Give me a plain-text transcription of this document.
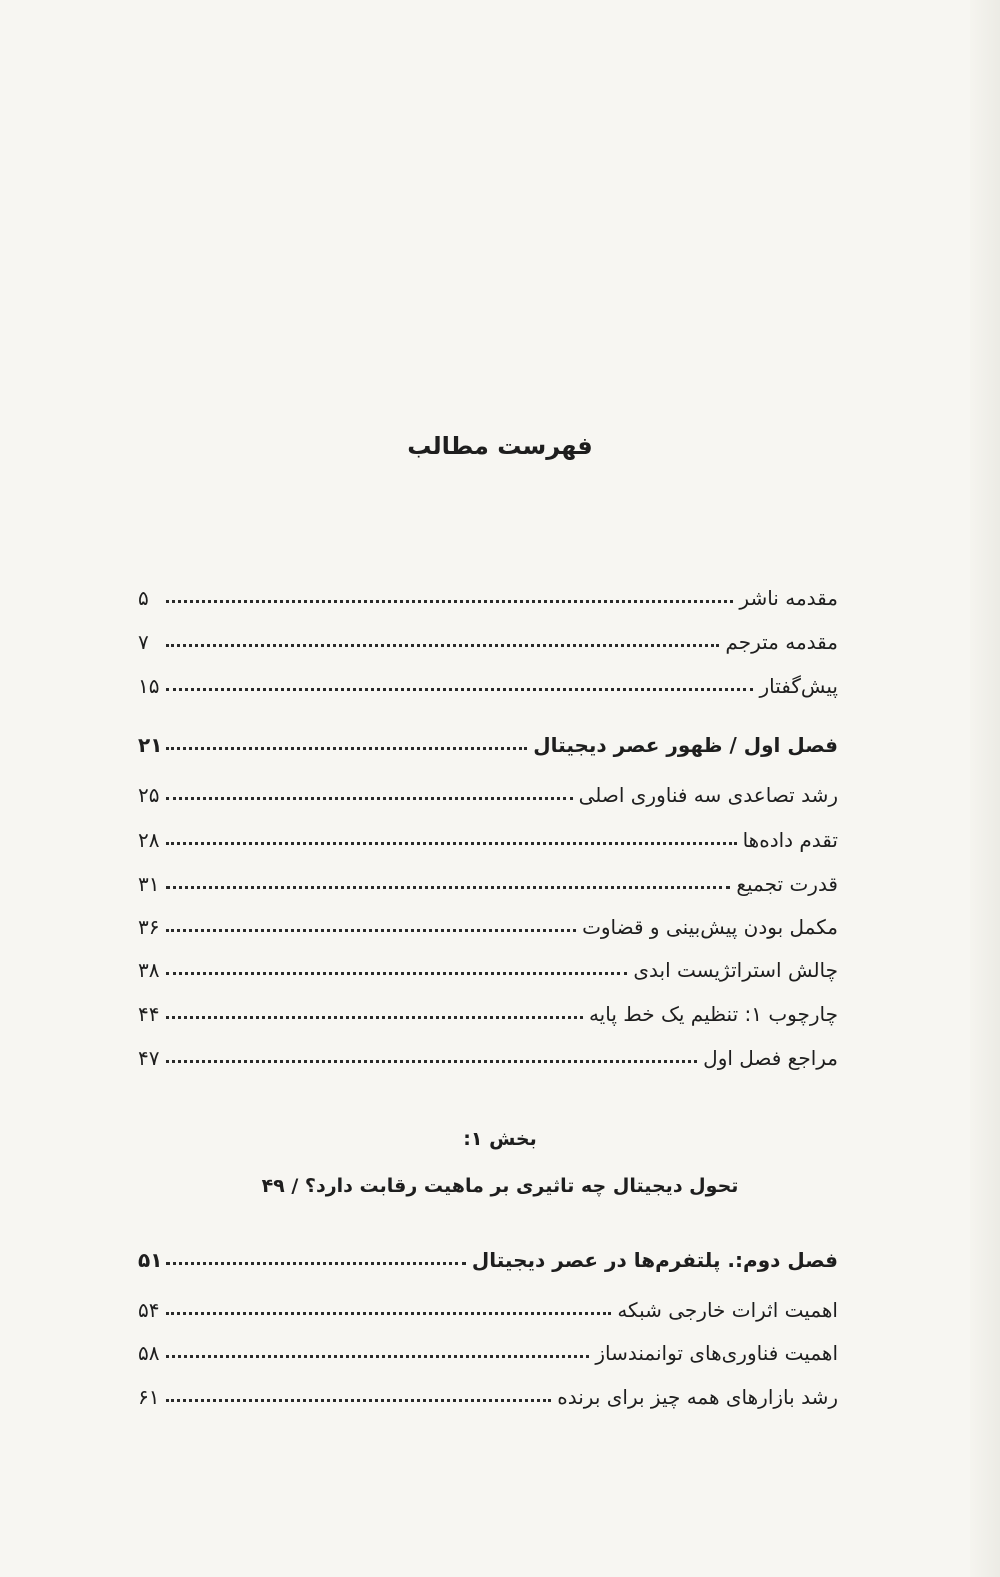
فهرست مطالب
مقدمه ناشر
۵
مقدمه مترجم
۷
پیش‌گفتار
۱۵
فصل اول / ظهور عصر دیجیتال
۲۱
رشد تصاعدی سه فناوری اصلی
۲۵
تقدم داده‌ها
۲۸
قدرت تجمیع
۳۱
مکمل بودن پیش‌بینی و قضاوت
۳۶
چالش استراتژیست ابدی
۳۸
چارچوب ۱: تنظیم یک خط پایه
۴۴
مراجع فصل اول
۴۷
بخش ۱:
تحول دیجیتال چه تاثیری بر ماهیت رقابت دارد؟ / ۴۹
فصل دوم:. پلتفرم‌ها در عصر دیجیتال
۵۱
اهمیت اثرات خارجی شبکه
۵۴
اهمیت فناوری‌های توانمندساز
۵۸
رشد بازارهای همه چیز برای برنده
۶۱
